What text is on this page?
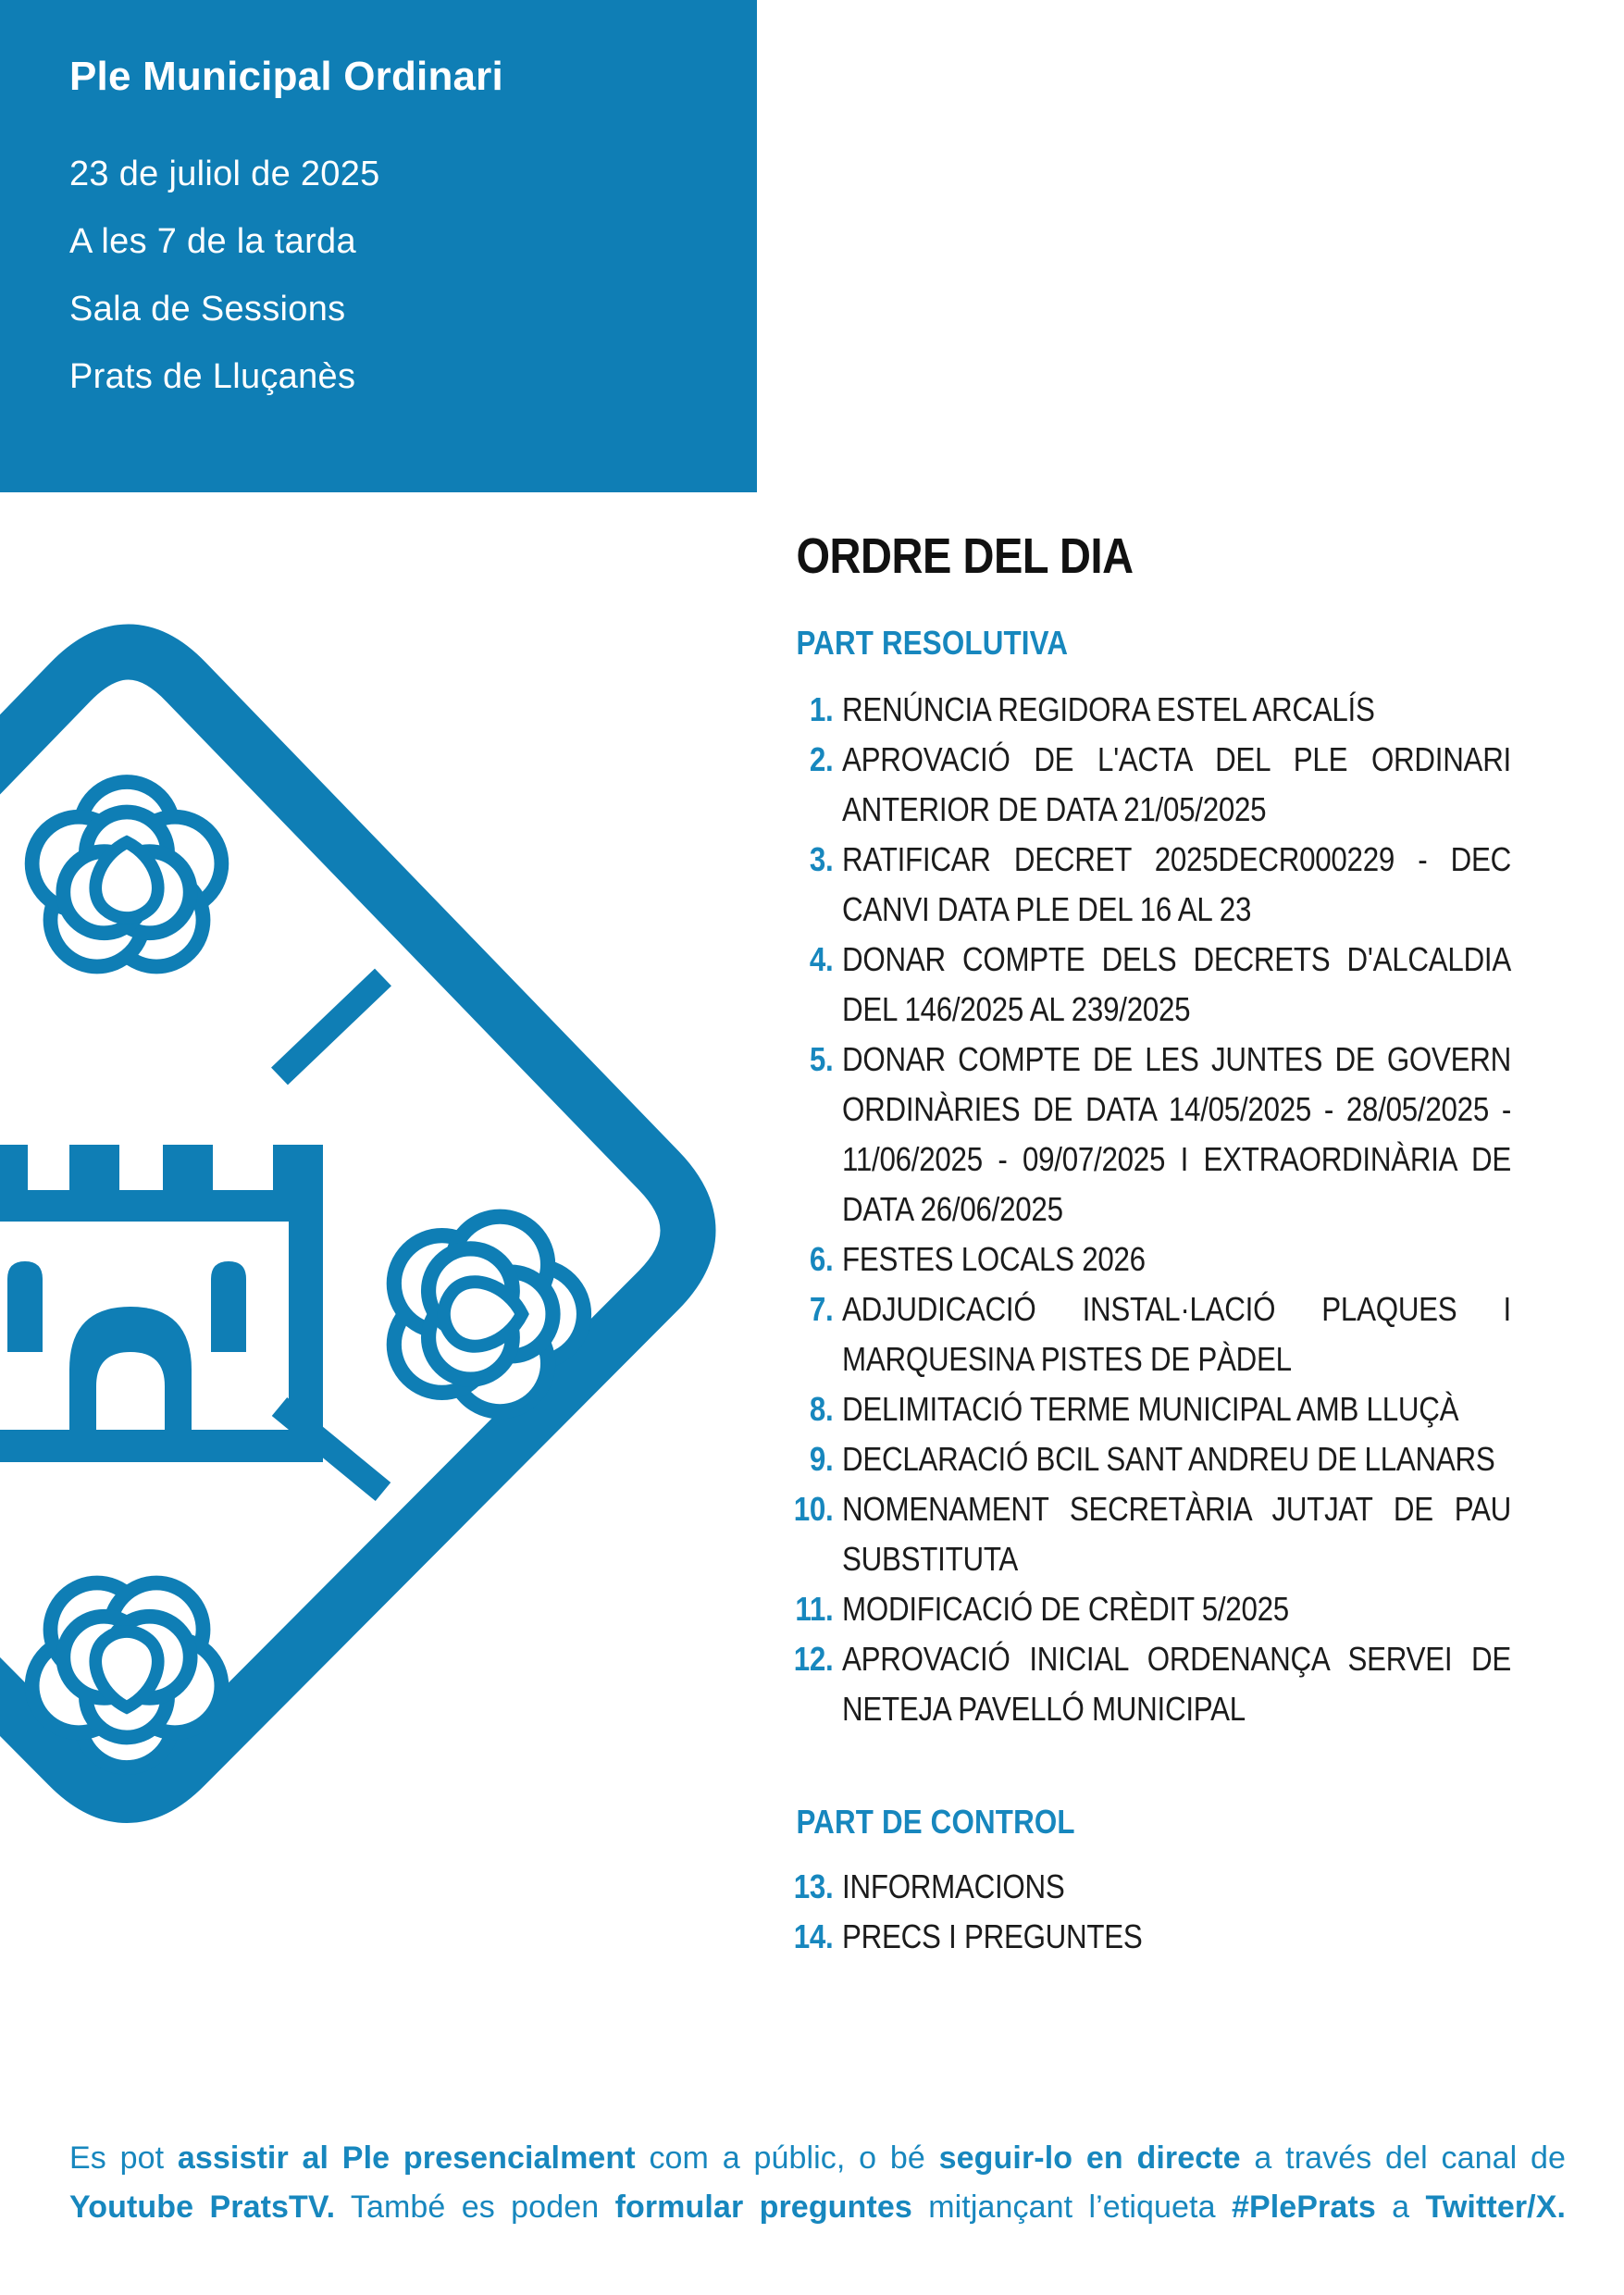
Ple Municipal Ordinari
23 de juliol de 2025
A les 7 de la tarda
Sala de Sessions
Prats de Lluçanès
ORDRE DEL DIA
PART RESOLUTIVA
1. RENÚNCIA REGIDORA ESTEL ARCALÍS
2. APROVACIÓ DE L'ACTA DEL PLE ORDINARI ANTERIOR DE DATA 21/05/2025
3. RATIFICAR DECRET 2025DECR000229 - DEC CANVI DATA PLE DEL 16 AL 23
4. DONAR COMPTE DELS DECRETS D'ALCALDIA DEL 146/2025 AL 239/2025
5. DONAR COMPTE DE LES JUNTES DE GOVERN ORDINÀRIES DE DATA 14/05/2025 - 28/05/2025 - 11/06/2025 - 09/07/2025 I EXTRAORDINÀRIA DE DATA 26/06/2025
6. FESTES LOCALS 2026
7. ADJUDICACIÓ INSTAL·LACIÓ PLAQUES I MARQUESINA PISTES DE PÀDEL
8. DELIMITACIÓ TERME MUNICIPAL AMB LLUÇÀ
9. DECLARACIÓ BCIL SANT ANDREU DE LLANARS
10. NOMENAMENT SECRETÀRIA JUTJAT DE PAU SUBSTITUTA
11. MODIFICACIÓ DE CRÈDIT 5/2025
12. APROVACIÓ INICIAL ORDENANÇA SERVEI DE NETEJA PAVELLÓ MUNICIPAL
PART DE CONTROL
13. INFORMACIONS
14. PRECS I PREGUNTES
Es pot assistir al Ple presencialment com a públic, o bé seguir-lo en directe a través del canal de Youtube PratsTV. També es poden formular preguntes mitjançant l’etiqueta #PlePrats a Twitter/X.
